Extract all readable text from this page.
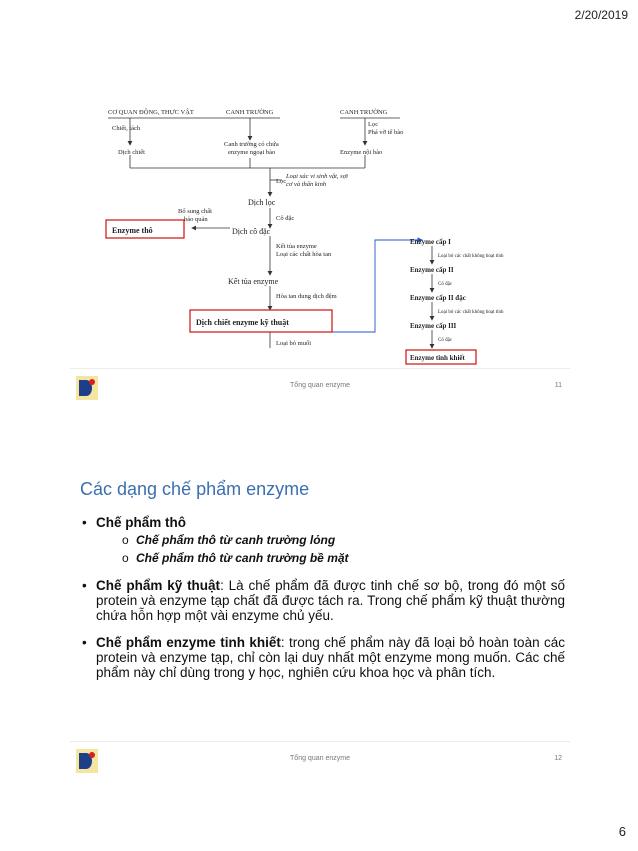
2/20/2019
CƠ QUAN ĐỘNG, THỰC VẬT	CANH TRƯỜNG	CANH TRƯỜNG
Chiết, tách
Lọc
Phá vỡ tế bào
Dịch chiết
Canh trường có chứa
enzyme ngoại bào	Enzyme nội bào
Lọc
Loại xác vi sinh vật, sợi
cơ và thân kinh
Bổ sung chất
bảo quản	Cô đặc
Kết tủa enzyme
Loại các chất hòa tan
Hòa tan dung dịch đệm
Loại bỏ muối
Loại bỏ các chất không hoạt tính
Cô đặc
Loại bỏ các chất không hoạt tính
Cô đặc
Dịch lọc
Dịch cô đặc
Kết tủa enzyme
Enzyme thô
Dịch chiết enzyme kỹ thuật
Enzyme cấp I
Enzyme cấp II
Enzyme cấp II đặc
Enzyme cấp III
Enzyme tinh khiết
Tổng quan enzyme	11
Các dạng chế phẩm enzyme
• Chế phẩm thô
o Chế phẩm thô từ canh trường lỏng
o Chế phẩm thô từ canh trường bề mặt
• Chế phẩm kỹ thuật: Là chế phẩm đã được tinh chế sơ bộ, trong đó một số protein và enzyme tạp chất đã được tách ra. Trong chế phẩm kỹ thuật thường chứa hỗn hợp một vài enzyme chủ yếu.
• Chế phẩm enzyme tinh khiết: trong chế phẩm này đã loại bỏ hoàn toàn các protein và enzyme tạp, chỉ còn lại duy nhất một enzyme mong muốn. Các chế phẩm này chỉ dùng trong y học, nghiên cứu khoa học và phân tích.
Tổng quan enzyme	12
6
